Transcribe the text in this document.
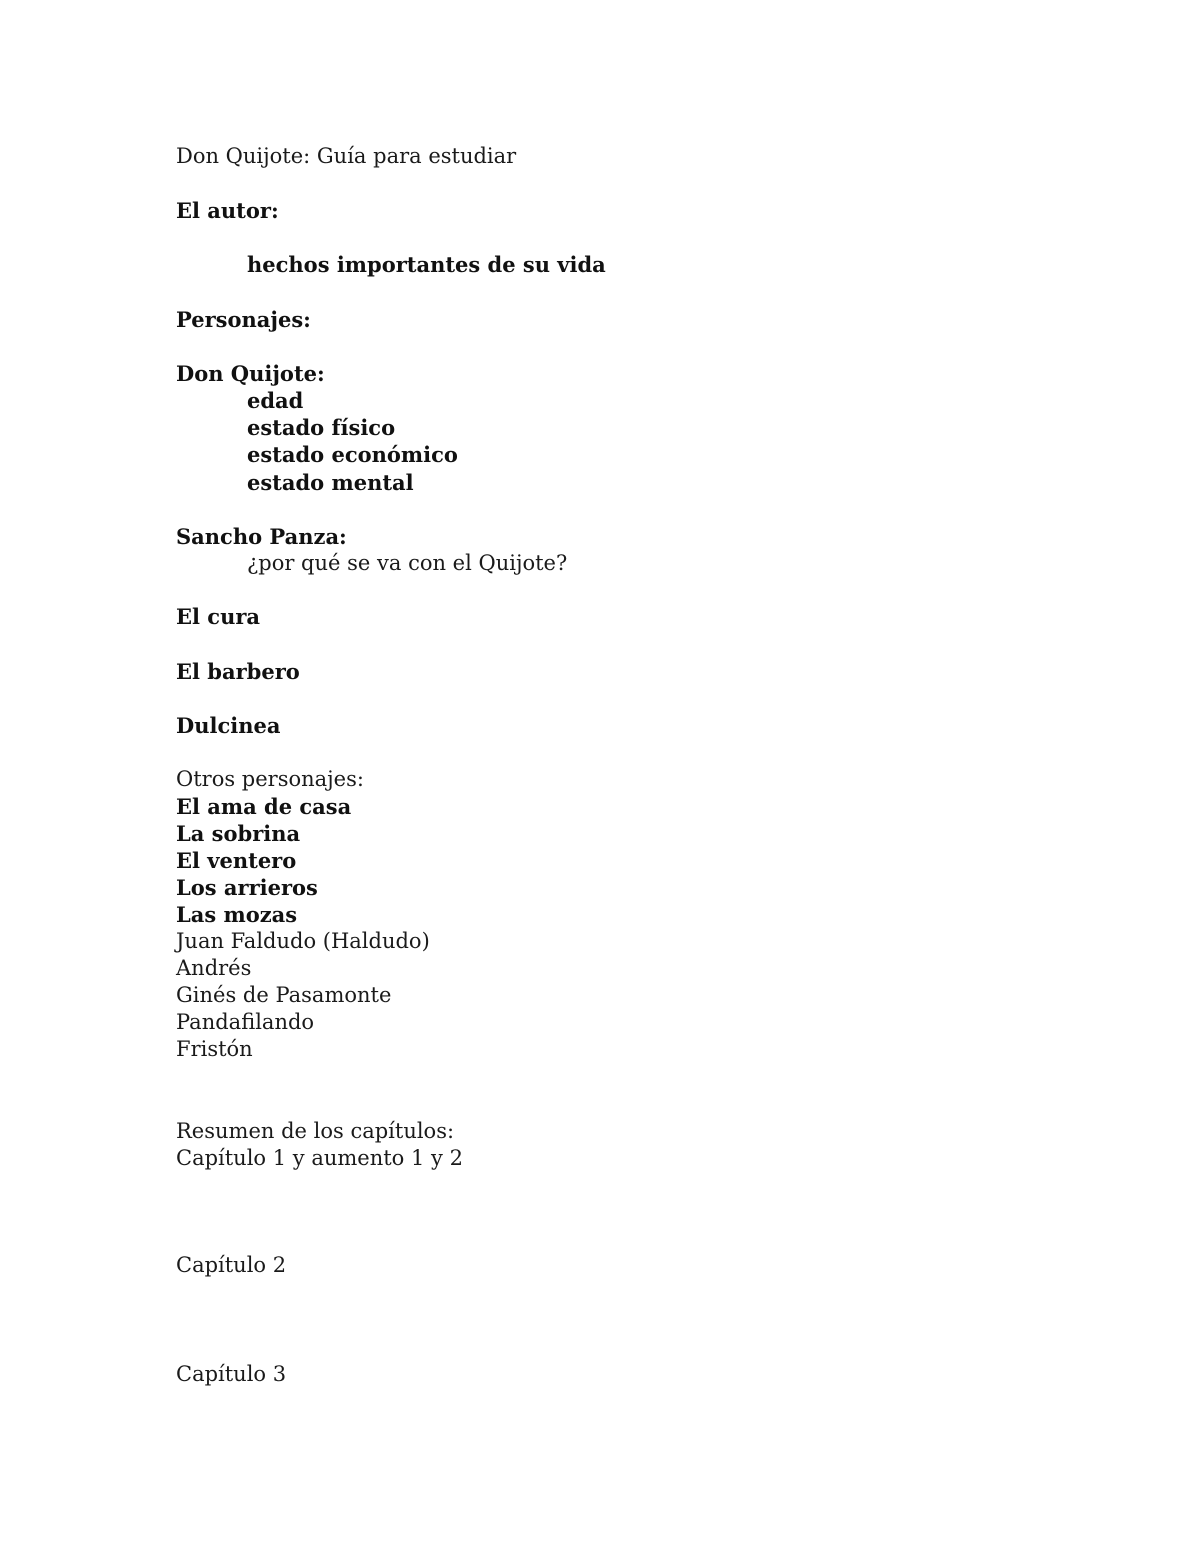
Don Quijote: Guía para estudiar
El autor:
hechos importantes de su vida
Personajes:
Don Quijote:
edad
estado físico
estado económico
estado mental
Sancho Panza:
¿por qué se va con el Quijote?
El cura
El barbero
Dulcinea
Otros personajes:
El ama de casa
La sobrina
El ventero
Los arrieros
Las mozas
Juan Faldudo (Haldudo)
Andrés
Ginés de Pasamonte
Pandafilando
Fristón
Resumen de los capítulos:
Capítulo 1 y aumento 1 y 2
Capítulo 2
Capítulo 3
